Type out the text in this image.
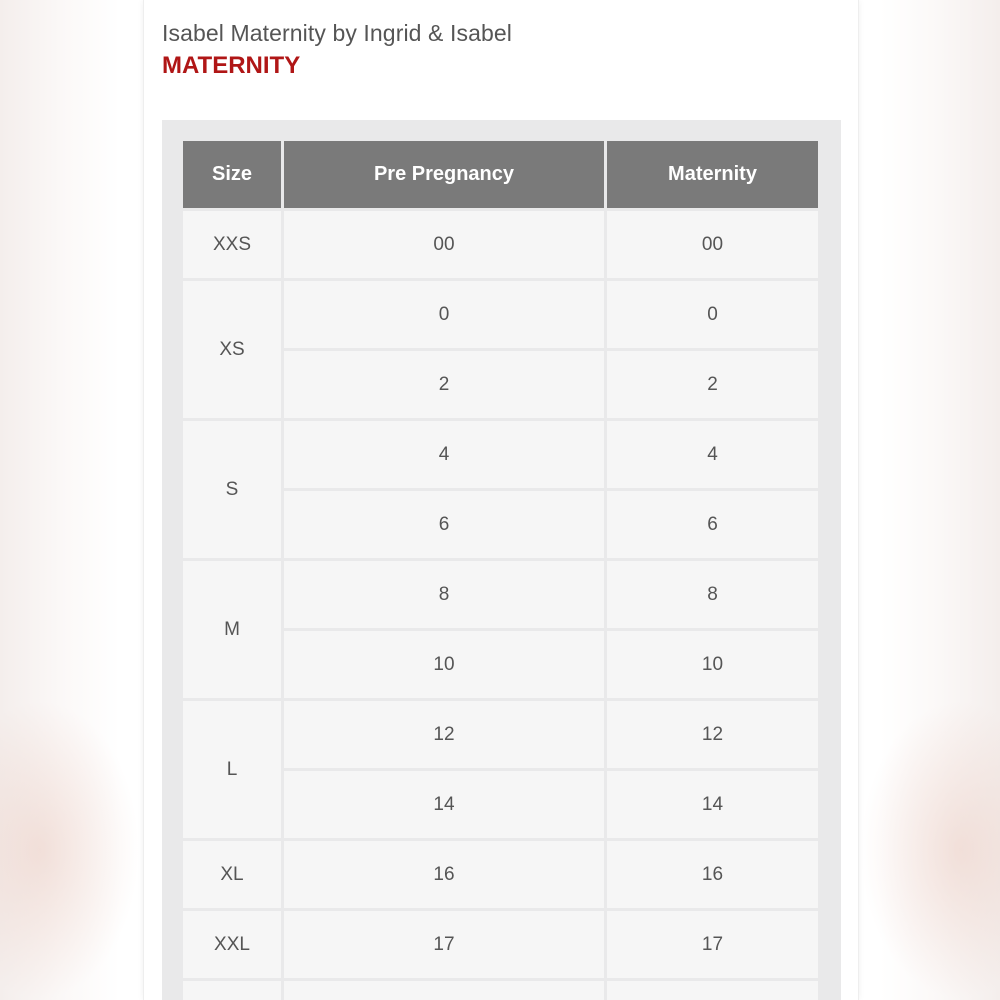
Isabel Maternity by Ingrid & Isabel
MATERNITY
Size	Pre Pregnancy	Maternity
XXS	00	00
XS	0	0
	2	2
S	4	4
	6	6
M	8	8
	10	10
L	12	12
	14	14
XL	16	16
XXL	17	17
